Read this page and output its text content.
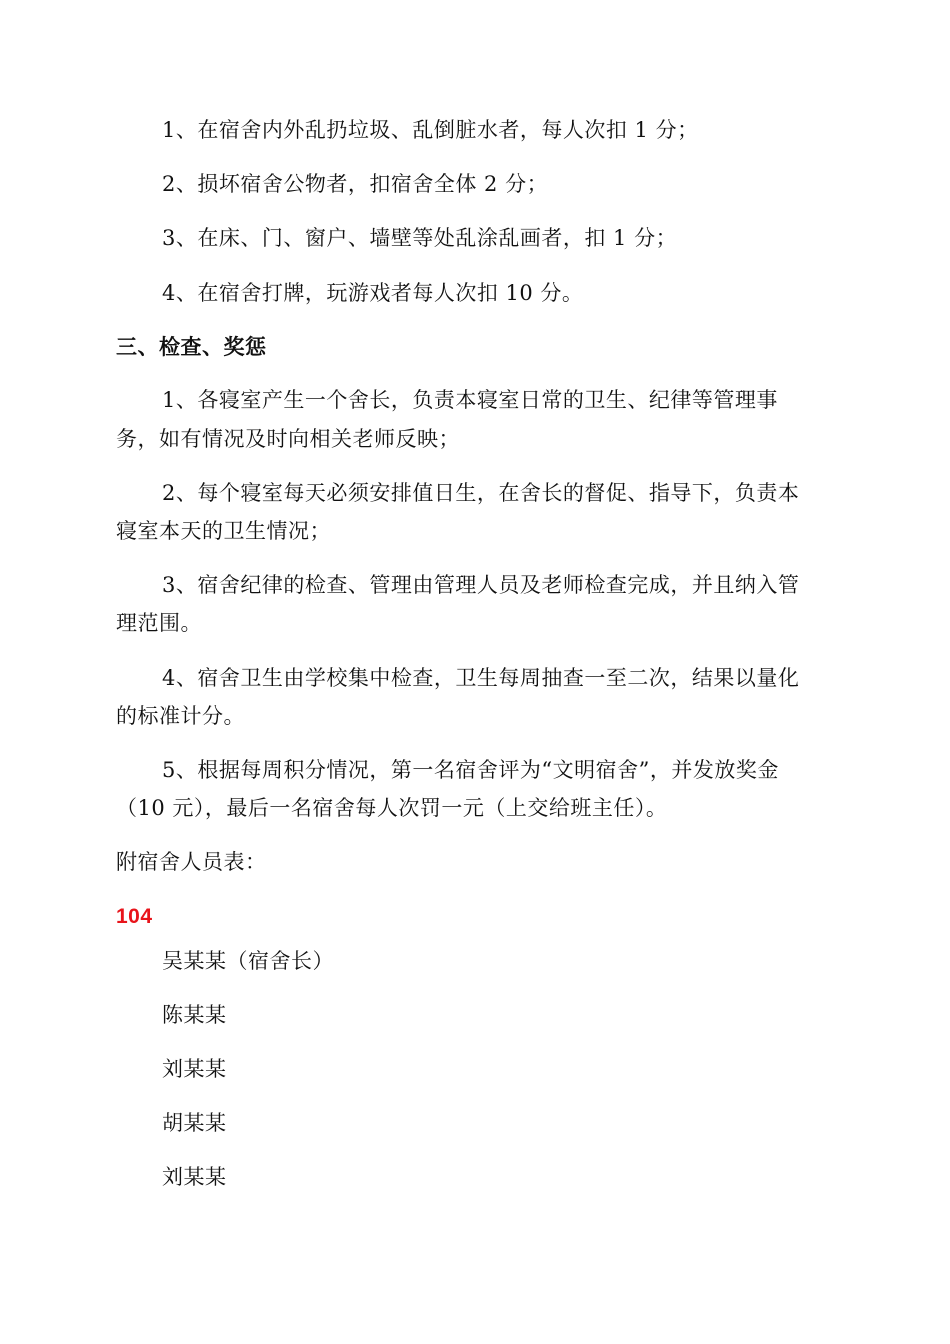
1、在宿舍内外乱扔垃圾、乱倒脏水者，每人次扣 1 分；
2、损坏宿舍公物者，扣宿舍全体 2 分；
3、在床、门、窗户、墙壁等处乱涂乱画者，扣 1 分；
4、在宿舍打牌，玩游戏者每人次扣 10 分。
三、检查、奖惩
1、各寝室产生一个舍长，负责本寝室日常的卫生、纪律等管理事
务，如有情况及时向相关老师反映；
2、每个寝室每天必须安排值日生，在舍长的督促、指导下，负责本
寝室本天的卫生情况；
3、宿舍纪律的检查、管理由管理人员及老师检查完成，并且纳入管
理范围。
4、宿舍卫生由学校集中检查，卫生每周抽查一至二次，结果以量化
的标准计分。
5、根据每周积分情况，第一名宿舍评为“文明宿舍”，并发放奖金
（10 元），最后一名宿舍每人次罚一元（上交给班主任）。
附宿舍人员表：
104
吴某某（宿舍长）
陈某某
刘某某
胡某某
刘某某
